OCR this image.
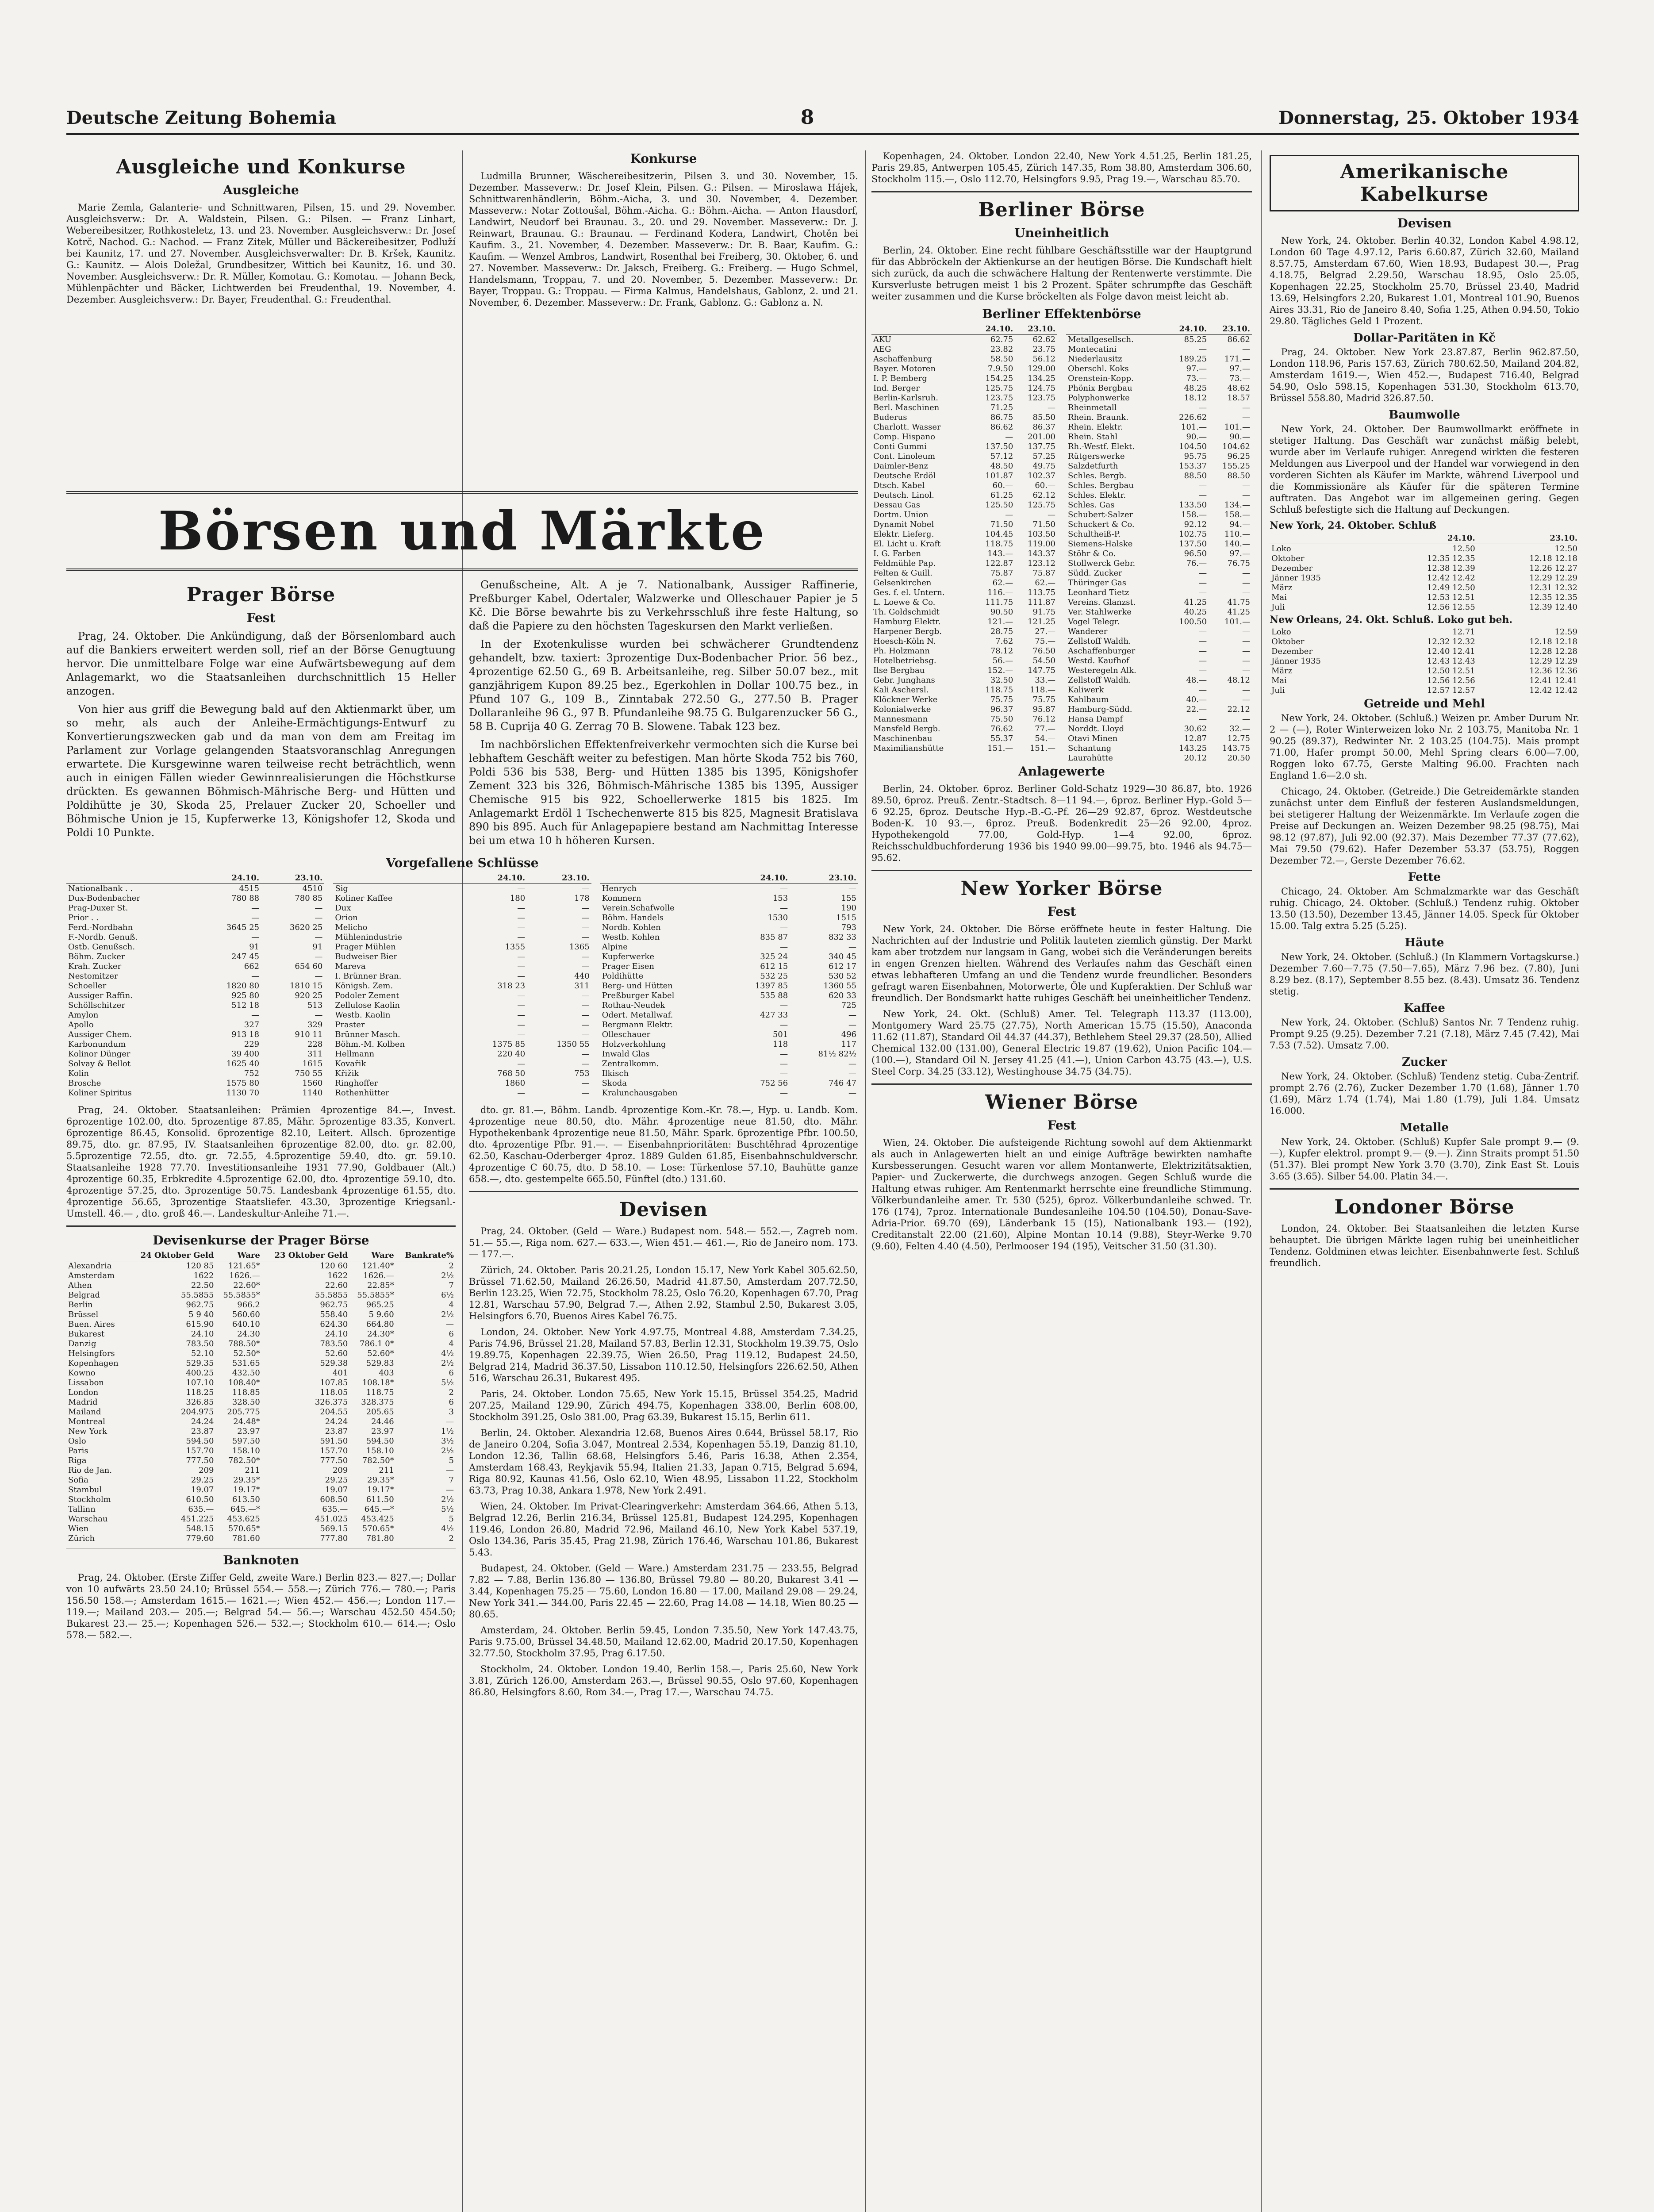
Deutsche Zeitung Bohemia	8	Donnerstag, 25. Oktober 1934
Ausgleiche und Konkurse
Ausgleiche

Marie Zemla, Galanterie- und Schnittwaren, Pilsen, 15. und 29. November. Ausgleichsverw.: Dr. A. Waldstein, Pilsen. G.: Pilsen. — Franz Linhart, Webereibesitzer, Rothkosteletz, 13. und 23. November. Ausgleichsverw.: Dr. Josef Kotrč, Nachod. G.: Nachod. — Franz Zitek, Müller und Bäckereibesitzer, Podluží bei Kaunitz, 17. und 27. November. Ausgleichsverwalter: Dr. B. Kršek, Kaunitz. G.: Kaunitz. — Alois Doležal, Grundbesitzer, Wittich bei Kaunitz, 16. und 30. November. Ausgleichsverw.: Dr. R. Müller, Komotau. G.: Komotau. — Johann Beck, Mühlenpächter und Bäcker, Lichtwerden bei Freudenthal, 19. November, 4. Dezember. Ausgleichsverw.: Dr. Bayer, Freudenthal. G.: Freudenthal.

Konkurse

Ludmilla Brunner, Wäschereibesitzerin, Pilsen 3. und 30. November, 15. Dezember. Masseverw.: Dr. Josef Klein, Pilsen. G.: Pilsen. — Miroslawa Hájek, Schnittwarenhändlerin, Böhm.-Aicha, 3. und 30. November, 4. Dezember. Masseverw.: Notar Zottoušal, Böhm.-Aicha. G.: Böhm.-Aicha. — Anton Hausdorf, Landwirt, Neudorf bei Braunau. 3., 20. und 29. November. Masseverw.: Dr. J. Reinwart, Braunau. G.: Braunau. — Ferdinand Kodera, Landwirt, Chotěn bei Kaufim. 3., 21. November, 4. Dezember. Masseverw.: Dr. B. Baar, Kaufim. G.: Kaufim. — Wenzel Ambros, Landwirt, Rosenthal bei Freiberg, 30. Oktober, 6. und 27. November. Masseverw.: Dr. Jaksch, Freiberg. G.: Freiberg. — Hugo Schmel, Handelsmann, Troppau, 7. und 20. November, 5. Dezember. Masseverw.: Dr. Bayer, Troppau. G.: Troppau. — Firma Kalmus, Handelshaus, Gablonz, 2. und 21. November, 6. Dezember. Masseverw.: Dr. Frank, Gablonz. G.: Gablonz a. N.

Börsen und Märkte
Prager Börse
Fest

Prag, 24. Oktober. Die Ankündigung, daß der Börsenlombard auch auf die Bankiers erweitert werden soll, rief an der Börse Genugtuung hervor. Die unmittelbare Folge war eine Aufwärtsbewegung auf dem Anlagemarkt, wo die Staatsanleihen durchschnittlich 15 Heller anzogen.

Von hier aus griff die Bewegung bald auf den Aktienmarkt über, um so mehr, als auch der Anleihe-Ermächtigungs-Entwurf zu Konvertierungszwecken gab und da man von dem am Freitag im Parlament zur Vorlage gelangenden Staatsvoranschlag Anregungen erwartete. Die Kursgewinne waren teilweise recht beträchtlich, wenn auch in einigen Fällen wieder Gewinnrealisierungen die Höchstkurse drückten. Es gewannen Böhmisch-Mährische Berg- und Hütten und Poldihütte je 30, Skoda 25, Prelauer Zucker 20, Schoeller und Böhmische Union je 15, Kupferwerke 13, Königshofer 12, Skoda und Poldi 10 Punkte.

Genußscheine, Alt. A je 7. Nationalbank, Aussiger Raffinerie, Preßburger Kabel, Odertaler, Walzwerke und Olleschauer Papier je 5 Kč. Die Börse bewahrte bis zu Verkehrsschluß ihre feste Haltung, so daß die Papiere zu den höchsten Tageskursen den Markt verließen.

In der Exotenkulisse wurden bei schwächerer Grundtendenz gehandelt, bzw. taxiert: 3prozentige Dux-Bodenbacher Prior. 56 bez., 4prozentige 62.50 G., 69 B. Arbeitsanleihe, reg. Silber 50.07 bez., mit ganzjährigem Kupon 89.25 bez., Egerkohlen in Dollar 100.75 bez., in Pfund 107 G., 109 B., Zinntabak 272.50 G., 277.50 B. Prager Dollaranleihe 96 G., 97 B. Pfundanleihe 98.75 G. Bulgarenzucker 56 G., 58 B. Cuprija 40 G. Zerrag 70 B. Slowene. Tabak 123 bez.

Im nachbörslichen Effektenfreiverkehr vermochten sich die Kurse bei lebhaftem Geschäft weiter zu befestigen. Man hörte Skoda 752 bis 760, Poldi 536 bis 538, Berg- und Hütten 1385 bis 1395, Königshofer Zement 323 bis 326, Böhmisch-Mährische 1385 bis 1395, Aussiger Chemische 915 bis 922, Schoellerwerke 1815 bis 1825. Im Anlagemarkt Erdöl 1 Tschechenwerte 815 bis 825, Magnesit Bratislava 890 bis 895. Auch für Anlagepapiere bestand am Nachmittag Interesse bei um etwa 10 h höheren Kursen.

Vorgefallene Schlüsse
	24.10.	23.10.
Nationalbank . .	4515	4510
Dux-Bodenbacher	780 88	780 85
Prag-Duxer St.	—	—
Prior . .	—	—
Ferd.-Nordbahn	3645 25	3620 25
F.-Nordb. Genuß.	—	—
Ostb. Genußsch.	91	91
Böhm. Zucker	247 45	—
Krah. Zucker	662	654 60
Nestomitzer	—	—
Schoeller	1820 80	1810 15
Aussiger Raffin.	925 80	920 25
Schöllschitzer	512 18	513
Amylon	—	—
Apollo	327	329
Aussiger Chem.	913 18	910 11
Karbonundum	229	228
Kolinor Dünger	39 400	311
Solvay & Bellot	1625 40	1615
Kolin	752	750 55
Brosche	1575 80	1560
Koliner Spiritus	1130 70	1140
	24.10.	23.10.
Sig	—	—
Koliner Kaffee	180	178
Dux	—	—
Orion	—	—
Melicho	—	—
Mühlenindustrie	—	—
Prager Mühlen	1355	1365
Budweiser Bier	—	—
Mareva	—	—
I. Brünner Bran.	—	440
Königsh. Zem.	318 23	311
Podoler Zement	—	—
Zellulose Kaolin	—	—
Westb. Kaolin	—	—
Praster	—	—
Brünner Masch.	—	—
Böhm.-M. Kolben	1375 85	1350 55
Hellmann	220 40	—
Kovařik	—	—
Křižik	768 50	753
Ringhoffer	1860	—
Rothenhütter	—	—
	24.10.	23.10.
Henrych	—	—
Kommern	153	155
Verein.Schafwolle	—	190
Böhm. Handels	1530	1515
Nordb. Kohlen	—	793
Westb. Kohlen	835 87	832 33
Alpine	—	—
Kupferwerke	325 24	340 45
Prager Eisen	612 15	612 17
Poldihütte	532 25	530 52
Berg- und Hütten	1397 85	1360 55
Preßburger Kabel	535 88	620 33
Rothau-Neudek	—	725
Odert. Metallwaf.	427 33	—
Bergmann Elektr.	—	—
Olleschauer	501	496
Holzverkohlung	118	117
Inwald Glas	—	81½ 82½
Zentralkomm.	—	—
Ilkisch	—	—
Skoda	752 56	746 47
Kralunchausgaben	—	—

Prag, 24. Oktober. Staatsanleihen: Prämien 4prozentige 84.—, Invest. 6prozentige 102.00, dto. 5prozentige 87.85, Mähr. 5prozentige 83.35, Konvert. 6prozentige 86.45, Konsolid. 6prozentige 82.10, Leitert. Allsch. 6prozentige 89.75, dto. gr. 87.95, IV. Staatsanleihen 6prozentige 82.00, dto. gr. 82.00, 5.5prozentige 72.55, dto. gr. 72.55, 4.5prozentige 59.40, dto. gr. 59.10. Staatsanleihe 1928 77.70. Investitionsanleihe 1931 77.90, Goldbauer (Alt.) 4prozentige 60.35, Erbkredite 4.5prozentige 62.00, dto. 4prozentige 59.10, dto. 4prozentige 57.25, dto. 3prozentige 50.75. Landesbank 4prozentige 61.55, dto. 4prozentige 56.65, 3prozentige Staatsliefer. 43.30, 3prozentige Kriegsanl.-Umstell. 46.— , dto. groß 46.—. Landeskultur-Anleihe 71.—.

Devisenkurse der Prager Börse
	24 Oktober Geld	Ware	23 Oktober Geld	Ware	Bankrate%
Alexandria	120 85	121.65*	120 60	121.40*	2
Amsterdam	1622	1626.—	1622	1626.—	2½
Athen	22.50	22.60*	22.60	22.85*	7
Belgrad	55.5855	55.5855*	55.5855	55.5855*	6½
Berlin	962.75	966.2	962.75	965.25	4
Brüssel	5 9 40	560.60	558.40	5 9.60	2½
Buen. Aires	615.90	640.10	624.30	664.80	—
Bukarest	24.10	24.30	24.10	24.30*	6
Danzig	783.50	788.50*	783.50	786.1 0*	4
Helsingfors	52.10	52.50*	52.60	52.60*	4½
Kopenhagen	529.35	531.65	529.38	529.83	2½
Kowno	400.25	432.50	401	403	6
Lissabon	107.10	108.40*	107.85	108.18*	5½
London	118.25	118.85	118.05	118.75	2
Madrid	326.85	328.50	326.375	328.375	6
Mailand	204.975	205.775	204.55	205.65	3
Montreal	24.24	24.48*	24.24	24.46	—
New York	23.87	23.97	23.87	23.97	1½
Oslo	594.50	597.50	591.50	594.50	3½
Paris	157.70	158.10	157.70	158.10	2½
Riga	777.50	782.50*	777.50	782.50*	5
Rio de Jan.	209	211	209	211	—
Sofia	29.25	29.35*	29.25	29.35*	7
Stambul	19.07	19.17*	19.07	19.17*	—
Stockholm	610.50	613.50	608.50	611.50	2½
Tallinn	635.—	645.—*	635.—	645.—*	5½
Warschau	451.225	453.625	451.025	453.425	5
Wien	548.15	570.65*	569.15	570.65*	4½
Zürich	779.60	781.60	777.80	781.80	2
Banknoten

Prag, 24. Oktober. (Erste Ziffer Geld, zweite Ware.) Berlin 823.— 827.—; Dollar von 10 aufwärts 23.50 24.10; Brüssel 554.— 558.—; Zürich 776.— 780.—; Paris 156.50 158.—; Amsterdam 1615.— 1621.—; Wien 452.— 456.—; London 117.— 119.—; Mailand 203.— 205.—; Belgrad 54.— 56.—; Warschau 452.50 454.50; Bukarest 23.— 25.—; Kopenhagen 526.— 532.—; Stockholm 610.— 614.—; Oslo 578.— 582.—.

dto. gr. 81.—, Böhm. Landb. 4prozentige Kom.-Kr. 78.—, Hyp. u. Landb. Kom. 4prozentige neue 80.50, dto. Mähr. 4prozentige neue 81.50, dto. Mähr. Hypothekenbank 4prozentige neue 81.50, Mähr. Spark. 6prozentige Pfbr. 100.50, dto. 4prozentige Pfbr. 91.—. — Eisenbahnprioritäten: Buschtěhrad 4prozentige 62.50, Kaschau-Oderberger 4proz. 1889 Gulden 61.85, Eisenbahnschuldverschr. 4prozentige C 60.75, dto. D 58.10. — Lose: Türkenlose 57.10, Bauhütte ganze 658.—, dto. gestempelte 665.50, Fünftel (dto.) 131.60.

Devisen

Prag, 24. Oktober. (Geld — Ware.) Budapest nom. 548.— 552.—, Zagreb nom. 51.— 55.—, Riga nom. 627.— 633.—, Wien 451.— 461.—, Rio de Janeiro nom. 173.— 177.—.

Zürich, 24. Oktober. Paris 20.21.25, London 15.17, New York Kabel 305.62.50, Brüssel 71.62.50, Mailand 26.26.50, Madrid 41.87.50, Amsterdam 207.72.50, Berlin 123.25, Wien 72.75, Stockholm 78.25, Oslo 76.20, Kopenhagen 67.70, Prag 12.81, Warschau 57.90, Belgrad 7.—, Athen 2.92, Stambul 2.50, Bukarest 3.05, Helsingfors 6.70, Buenos Aires Kabel 76.75.

London, 24. Oktober. New York 4.97.75, Montreal 4.88, Amsterdam 7.34.25, Paris 74.96, Brüssel 21.28, Mailand 57.83, Berlin 12.31, Stockholm 19.39.75, Oslo 19.89.75, Kopenhagen 22.39.75, Wien 26.50, Prag 119.12, Budapest 24.50, Belgrad 214, Madrid 36.37.50, Lissabon 110.12.50, Helsingfors 226.62.50, Athen 516, Warschau 26.31, Bukarest 495.

Paris, 24. Oktober. London 75.65, New York 15.15, Brüssel 354.25, Madrid 207.25, Mailand 129.90, Zürich 494.75, Kopenhagen 338.00, Berlin 608.00, Stockholm 391.25, Oslo 381.00, Prag 63.39, Bukarest 15.15, Berlin 611.

Berlin, 24. Oktober. Alexandria 12.68, Buenos Aires 0.644, Brüssel 58.17, Rio de Janeiro 0.204, Sofia 3.047, Montreal 2.534, Kopenhagen 55.19, Danzig 81.10, London 12.36, Tallin 68.68, Helsingfors 5.46, Paris 16.38, Athen 2.354, Amsterdam 168.43, Reykjavik 55.94, Italien 21.33, Japan 0.715, Belgrad 5.694, Riga 80.92, Kaunas 41.56, Oslo 62.10, Wien 48.95, Lissabon 11.22, Stockholm 63.73, Prag 10.38, Ankara 1.978, New York 2.491.

Wien, 24. Oktober. Im Privat-Clearingverkehr: Amsterdam 364.66, Athen 5.13, Belgrad 12.26, Berlin 216.34, Brüssel 125.81, Budapest 124.295, Kopenhagen 119.46, London 26.80, Madrid 72.96, Mailand 46.10, New York Kabel 537.19, Oslo 134.36, Paris 35.45, Prag 21.98, Zürich 176.46, Warschau 101.86, Bukarest 5.43.

Budapest, 24. Oktober. (Geld — Ware.) Amsterdam 231.75 — 233.55, Belgrad 7.82 — 7.88, Berlin 136.80 — 136.80, Brüssel 79.80 — 80.20, Bukarest 3.41 — 3.44, Kopenhagen 75.25 — 75.60, London 16.80 — 17.00, Mailand 29.08 — 29.24, New York 341.— 344.00, Paris 22.45 — 22.60, Prag 14.08 — 14.18, Wien 80.25 — 80.65.

Amsterdam, 24. Oktober. Berlin 59.45, London 7.35.50, New York 147.43.75, Paris 9.75.00, Brüssel 34.48.50, Mailand 12.62.00, Madrid 20.17.50, Kopenhagen 32.77.50, Stockholm 37.95, Prag 6.17.50.

Stockholm, 24. Oktober. London 19.40, Berlin 158.—, Paris 25.60, New York 3.81, Zürich 126.00, Amsterdam 263.—, Brüssel 90.55, Oslo 97.60, Kopenhagen 86.80, Helsingfors 8.60, Rom 34.—, Prag 17.—, Warschau 74.75.

Kopenhagen, 24. Oktober. London 22.40, New York 4.51.25, Berlin 181.25, Paris 29.85, Antwerpen 105.45, Zürich 147.35, Rom 38.80, Amsterdam 306.60, Stockholm 115.—, Oslo 112.70, Helsingfors 9.95, Prag 19.—, Warschau 85.70.

Berliner Börse
Uneinheitlich

Berlin, 24. Oktober. Eine recht fühlbare Geschäftsstille war der Hauptgrund für das Abbröckeln der Aktienkurse an der heutigen Börse. Die Kundschaft hielt sich zurück, da auch die schwächere Haltung der Rentenwerte verstimmte. Die Kursverluste betrugen meist 1 bis 2 Prozent. Später schrumpfte das Geschäft weiter zusammen und die Kurse bröckelten als Folge davon meist leicht ab.

Berliner Effektenbörse
	24.10.	23.10.
AKU	62.75	62.62
AEG	23.82	23.75
Aschaffenburg	58.50	56.12
Bayer. Motoren	7.9.50	129.00
I. P. Bemberg	154.25	134.25
Ind. Berger	125.75	124.75
Berlin-Karlsruh.	123.75	123.75
Berl. Maschinen	71.25	—
Buderus	86.75	85.50
Charlott. Wasser	86.62	86.37
Comp. Hispano	—	201.00
Conti Gummi	137.50	137.75
Cont. Linoleum	57.12	57.25
Daimler-Benz	48.50	49.75
Deutsche Erdöl	101.87	102.37
Dtsch. Kabel	60.—	60.—
Deutsch. Linol.	61.25	62.12
Dessau Gas	125.50	125.75
Dortm. Union	—	—
Dynamit Nobel	71.50	71.50
Elektr. Lieferg.	104.45	103.50
El. Licht u. Kraft	118.75	119.00
I. G. Farben	143.—	143.37
Feldmühle Pap.	122.87	123.12
Felten & Guill.	75.87	75.87
Gelsenkirchen	62.—	62.—
Ges. f. el. Untern.	116.—	113.75
L. Loewe & Co.	111.75	111.87
Th. Goldschmidt	90.50	91.75
Hamburg Elektr.	121.—	121.25
Harpener Bergb.	28.75	27.—
Hoesch-Köln N.	7.62	75.—
Ph. Holzmann	78.12	76.50
Hotelbetriebsg.	56.—	54.50
Ilse Bergbau	152.—	147.75
Gebr. Junghans	32.50	33.—
Kali Aschersl.	118.75	118.—
Klöckner Werke	75.75	75.75
Kolonialwerke	96.37	95.87
Mannesmann	75.50	76.12
Mansfeld Bergb.	76.62	77.—
Maschinenbau	55.37	54.—
Maximilianshütte	151.—	151.—
	24.10.	23.10.
Metallgesellsch.	85.25	86.62
Montecatini	—	—
Niederlausitz	189.25	171.—
Oberschl. Koks	97.—	97.—
Orenstein-Kopp.	73.—	73.—
Phönix Bergbau	48.25	48.62
Polyphonwerke	18.12	18.57
Rheinmetall	—	—
Rhein. Braunk.	226.62	—
Rhein. Elektr.	101.—	101.—
Rhein. Stahl	90.—	90.—
Rh.-Westf. Elekt.	104.50	104.62
Rütgerswerke	95.75	96.25
Salzdetfurth	153.37	155.25
Schles. Bergb.	88.50	88.50
Schles. Bergbau	—	—
Schles. Elektr.	—	—
Schles. Gas	133.50	134.—
Schubert-Salzer	158.—	158.—
Schuckert & Co.	92.12	94.—
Schultheiß-P.	102.75	110.—
Siemens-Halske	137.50	140.—
Stöhr & Co.	96.50	97.—
Stollwerck Gebr.	76.—	76.75
Südd. Zucker	—	—
Thüringer Gas	—	—
Leonhard Tietz	—	—
Vereins. Glanzst.	41.25	41.75
Ver. Stahlwerke	40.25	41.25
Vogel Telegr.	100.50	101.—
Wanderer	—	—
Zellstoff Waldh.	—	—
Aschaffenburger	—	—
Westd. Kaufhof	—	—
Westeregeln Alk.	—	—
Zellstoff Waldh.	48.—	48.12
Kaliwerk	—	—
Kahlbaum	40.—	—
Hamburg-Südd.	22.—	22.12
Hansa Dampf	—	—
Norddt. Lloyd	30.62	32.—
Otavi Minen	12.87	12.75
Schantung	143.25	143.75
Laurahütte	20.12	20.50
Anlagewerte

Berlin, 24. Oktober. 6proz. Berliner Gold-Schatz 1929—30 86.87, bto. 1926 89.50, 6proz. Preuß. Zentr.-Stadtsch. 8—11 94.—, 6proz. Berliner Hyp.-Gold 5—6 92.25, 6proz. Deutsche Hyp.-B.-G.-Pf. 26—29 92.87, 6proz. Westdeutsche Boden-K. 10 93.—, 6proz. Preuß. Bodenkredit 25—26 92.00, 4proz. Hypothekengold 77.00, Gold-Hyp. 1—4 92.00, 6proz. Reichsschuldbuchforderung 1936 bis 1940 99.00—99.75, bto. 1946 als 94.75—95.62.

New Yorker Börse
Fest

New York, 24. Oktober. Die Börse eröffnete heute in fester Haltung. Die Nachrichten auf der Industrie und Politik lauteten ziemlich günstig. Der Markt kam aber trotzdem nur langsam in Gang, wobei sich die Veränderungen bereits in engen Grenzen hielten. Während des Verlaufes nahm das Geschäft einen etwas lebhafteren Umfang an und die Tendenz wurde freundlicher. Besonders gefragt waren Eisenbahnen, Motorwerte, Öle und Kupferaktien. Der Schluß war freundlich. Der Bondsmarkt hatte ruhiges Geschäft bei uneinheitlicher Tendenz.

New York, 24. Okt. (Schluß) Amer. Tel. Telegraph 113.37 (113.00), Montgomery Ward 25.75 (27.75), North American 15.75 (15.50), Anaconda 11.62 (11.87), Standard Oil 44.37 (44.37), Bethlehem Steel 29.37 (28.50), Allied Chemical 132.00 (131.00), General Electric 19.87 (19.62), Union Pacific 104.— (100.—), Standard Oil N. Jersey 41.25 (41.—), Union Carbon 43.75 (43.—), U.S. Steel Corp. 34.25 (33.12), Westinghouse 34.75 (34.75).

Wiener Börse
Fest

Wien, 24. Oktober. Die aufsteigende Richtung sowohl auf dem Aktienmarkt als auch in Anlagewerten hielt an und einige Aufträge bewirkten namhafte Kursbesserungen. Gesucht waren vor allem Montanwerte, Elektrizitätsaktien, Papier- und Zuckerwerte, die durchwegs anzogen. Gegen Schluß wurde die Haltung etwas ruhiger. Am Rentenmarkt herrschte eine freundliche Stimmung. Völkerbundanleihe amer. Tr. 530 (525), 6proz. Völkerbundanleihe schwed. Tr. 176 (174), 7proz. Internationale Bundesanleihe 104.50 (104.50), Donau-Save-Adria-Prior. 69.70 (69), Länderbank 15 (15), Nationalbank 193.— (192), Creditanstalt 22.00 (21.60), Alpine Montan 10.14 (9.88), Steyr-Werke 9.70 (9.60), Felten 4.40 (4.50), Perlmooser 194 (195), Veitscher 31.50 (31.30).

Amerikanische Kabelkurse
Devisen

New York, 24. Oktober. Berlin 40.32, London Kabel 4.98.12, London 60 Tage 4.97.12, Paris 6.60.87, Zürich 32.60, Mailand 8.57.75, Amsterdam 67.60, Wien 18.93, Budapest 30.—, Prag 4.18.75, Belgrad 2.29.50, Warschau 18.95, Oslo 25.05, Kopenhagen 22.25, Stockholm 25.70, Brüssel 23.40, Madrid 13.69, Helsingfors 2.20, Bukarest 1.01, Montreal 101.90, Buenos Aires 33.31, Rio de Janeiro 8.40, Sofia 1.25, Athen 0.94.50, Tokio 29.80. Tägliches Geld 1 Prozent.

Dollar-Paritäten in Kč

Prag, 24. Oktober. New York 23.87.87, Berlin 962.87.50, London 118.96, Paris 157.63, Zürich 780.62.50, Mailand 204.82, Amsterdam 1619.—, Wien 452.—, Budapest 716.40, Belgrad 54.90, Oslo 598.15, Kopenhagen 531.30, Stockholm 613.70, Brüssel 558.80, Madrid 326.87.50.

Baumwolle

New York, 24. Oktober. Der Baumwollmarkt eröffnete in stetiger Haltung. Das Geschäft war zunächst mäßig belebt, wurde aber im Verlaufe ruhiger. Anregend wirkten die festeren Meldungen aus Liverpool und der Handel war vorwiegend in den vorderen Sichten als Käufer im Markte, während Liverpool und die Kommissionäre als Käufer für die späteren Termine auftraten. Das Angebot war im allgemeinen gering. Gegen Schluß befestigte sich die Haltung auf Deckungen.

New York, 24. Oktober. Schluß
	24.10.	23.10.
Loko	12.50	12.50
Oktober	12.35 12.35	12.18 12.18
Dezember	12.38 12.39	12.26 12.27
Jänner 1935	12.42 12.42	12.29 12.29
März	12.49 12.50	12.31 12.32
Mai	12.53 12.51	12.35 12.35
Juli	12.56 12.55	12.39 12.40
New Orleans, 24. Okt. Schluß. Loko gut beh.
Loko	12.71	12.59
Oktober	12.32 12.32	12.18 12.18
Dezember	12.40 12.41	12.28 12.28
Jänner 1935	12.43 12.43	12.29 12.29
März	12.50 12.51	12.36 12.36
Mai	12.56 12.56	12.41 12.41
Juli	12.57 12.57	12.42 12.42
Getreide und Mehl

New York, 24. Oktober. (Schluß.) Weizen pr. Amber Durum Nr. 2 — (—), Roter Winterweizen loko Nr. 2 103.75, Manitoba Nr. 1 90.25 (89.37), Redwinter Nr. 2 103.25 (104.75). Mais prompt 71.00, Hafer prompt 50.00, Mehl Spring clears 6.00—7.00, Roggen loko 67.75, Gerste Malting 96.00. Frachten nach England 1.6—2.0 sh.

Chicago, 24. Oktober. (Getreide.) Die Getreidemärkte standen zunächst unter dem Einfluß der festeren Auslandsmeldungen, bei stetigerer Haltung der Weizenmärkte. Im Verlaufe zogen die Preise auf Deckungen an. Weizen Dezember 98.25 (98.75), Mai 98.12 (97.87), Juli 92.00 (92.37). Mais Dezember 77.37 (77.62), Mai 79.50 (79.62). Hafer Dezember 53.37 (53.75), Roggen Dezember 72.—, Gerste Dezember 76.62.

Fette

Chicago, 24. Oktober. Am Schmalzmarkte war das Geschäft ruhig. Chicago, 24. Oktober. (Schluß.) Tendenz ruhig. Oktober 13.50 (13.50), Dezember 13.45, Jänner 14.05. Speck für Oktober 15.00. Talg extra 5.25 (5.25).

Häute

New York, 24. Oktober. (Schluß.) (In Klammern Vortagskurse.) Dezember 7.60—7.75 (7.50—7.65), März 7.96 bez. (7.80), Juni 8.29 bez. (8.17), September 8.55 bez. (8.43). Umsatz 36. Tendenz stetig.

Kaffee

New York, 24. Oktober. (Schluß) Santos Nr. 7 Tendenz ruhig. Prompt 9.25 (9.25). Dezember 7.21 (7.18), März 7.45 (7.42), Mai 7.53 (7.52). Umsatz 7.00.

Zucker

New York, 24. Oktober. (Schluß) Tendenz stetig. Cuba-Zentrif. prompt 2.76 (2.76), Zucker Dezember 1.70 (1.68), Jänner 1.70 (1.69), März 1.74 (1.74), Mai 1.80 (1.79), Juli 1.84. Umsatz 16.000.

Metalle

New York, 24. Oktober. (Schluß) Kupfer Sale prompt 9.— (9.—), Kupfer elektrol. prompt 9.— (9.—). Zinn Straits prompt 51.50 (51.37). Blei prompt New York 3.70 (3.70), Zink East St. Louis 3.65 (3.65). Silber 54.00. Platin 34.—.

Londoner Börse

London, 24. Oktober. Bei Staatsanleihen die letzten Kurse behauptet. Die übrigen Märkte lagen ruhig bei uneinheitlicher Tendenz. Goldminen etwas leichter. Eisenbahnwerte fest. Schluß freundlich.
